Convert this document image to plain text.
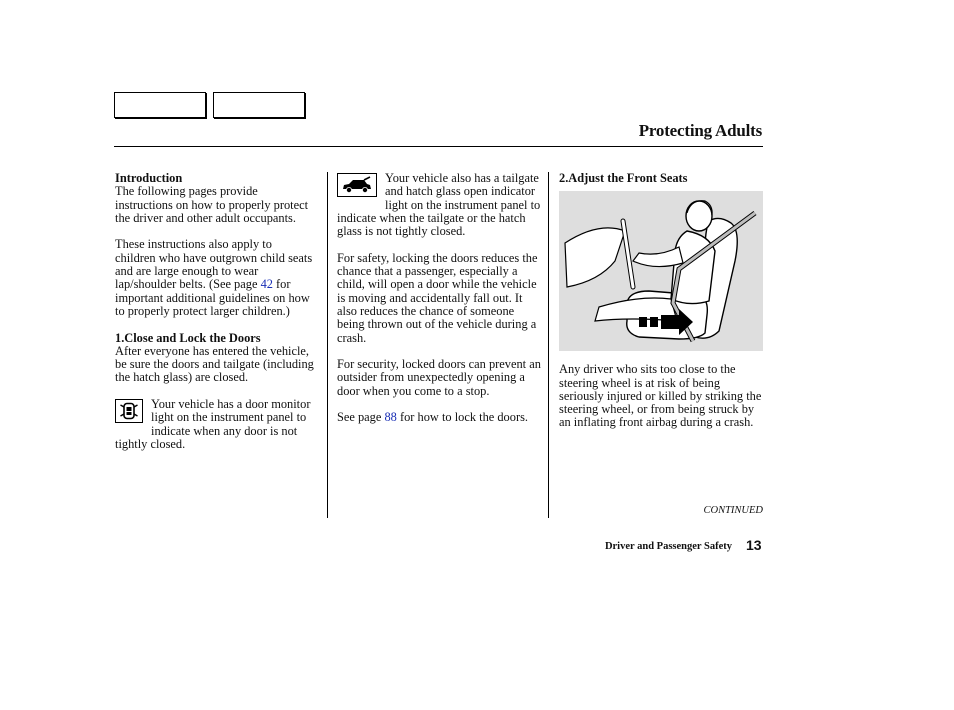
Protecting Adults

Introduction
The following pages provide instructions on how to properly protect the driver and other adult occupants.

These instructions also apply to children who have outgrown child seats and are large enough to wear lap/shoulder belts. (See page 42 for important additional guidelines on how to properly protect larger children.)

1.Close and Lock the Doors
After everyone has entered the vehicle, be sure the doors and tailgate (including the hatch glass) are closed.

Your vehicle has a door monitor light on the instrument panel to indicate when any door is not tightly closed.

Your vehicle also has a tailgate and hatch glass open indicator light on the instrument panel to indicate when the tailgate or the hatch glass is not tightly closed.

For safety, locking the doors reduces the chance that a passenger, especially a child, will open a door while the vehicle is moving and accidentally fall out. It also reduces the chance of someone being thrown out of the vehicle during a crash.

For security, locked doors can prevent an outsider from unexpectedly opening a door when you come to a stop.

See page 88 for how to lock the doors.

2.Adjust the Front Seats

Any driver who sits too close to the steering wheel is at risk of being seriously injured or killed by striking the steering wheel, or from being struck by an inflating front airbag during a crash.

CONTINUED
Driver and Passenger Safety 13
